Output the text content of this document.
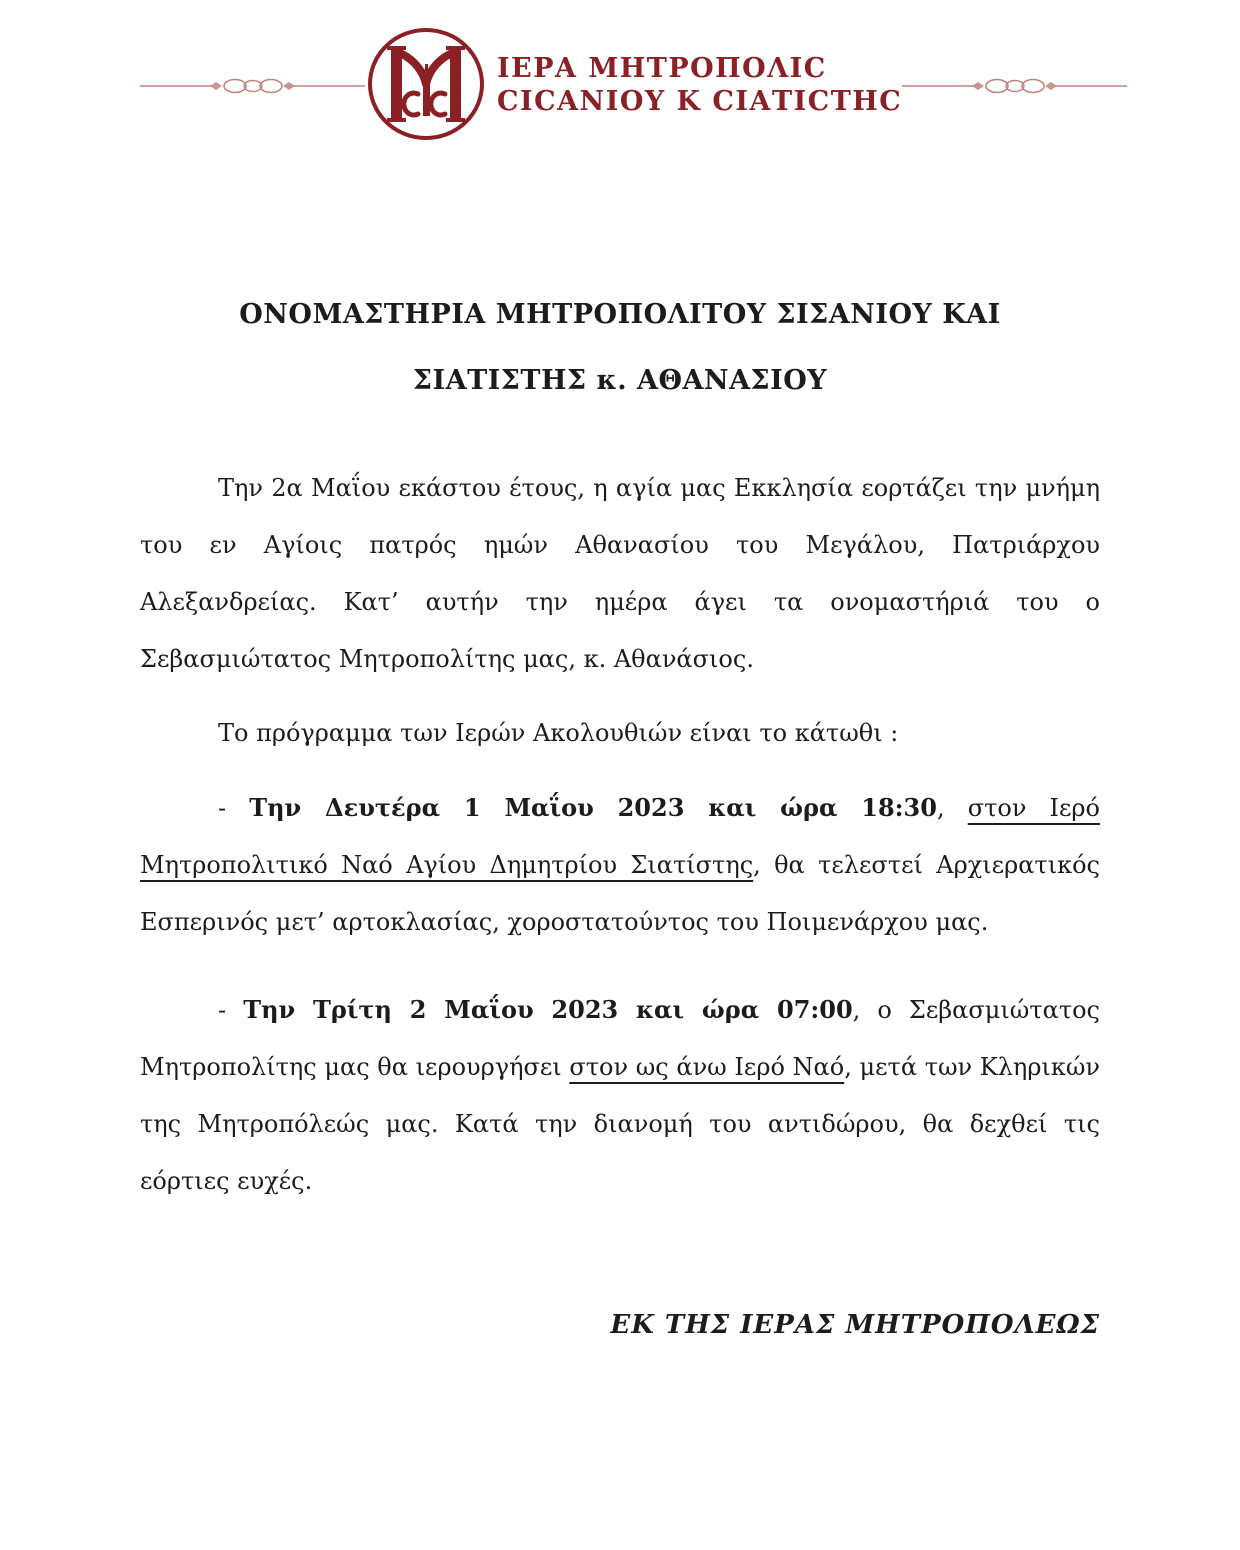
ΙΕΡΑ ΜΗΤΡΟΠΟΛΙC
CΙCΑΝΙΟΥ Κ CΙΑΤΙCΤΗC
ΟΝΟΜΑΣΤΗΡΙΑ ΜΗΤΡΟΠΟΛΙΤΟΥ ΣΙΣΑΝΙΟΥ ΚΑΙ
ΣΙΑΤΙΣΤΗΣ κ. ΑΘΑΝΑΣΙΟΥ

Την 2α Μαΐου εκάστου έτους, η αγία μας Εκκλησία εορτάζει την μνήμη του εν Αγίοις πατρός ημών Αθανασίου του Μεγάλου, Πατριάρχου Αλεξανδρείας. Κατ’ αυτήν την ημέρα άγει τα ονομαστήριά του ο Σεβασμιώτατος Μητροπολίτης μας, κ. Αθανάσιος.

Το πρόγραμμα των Ιερών Ακολουθιών είναι το κάτωθι :

- Την Δευτέρα 1 Μαΐου 2023 και ώρα 18:30, στον Ιερό Μητροπολιτικό Ναό Αγίου Δημητρίου Σιατίστης, θα τελεστεί Αρχιερατικός Εσπερινός μετ’ αρτοκλασίας, χοροστατούντος του Ποιμενάρχου μας.

- Την Τρίτη 2 Μαΐου 2023 και ώρα 07:00, ο Σεβασμιώτατος Μητροπολίτης μας θα ιερουργήσει στον ως άνω Ιερό Ναό, μετά των Κληρικών της Μητροπόλεώς μας. Κατά την διανομή του αντιδώρου, θα δεχθεί τις εόρτιες ευχές.

ΕΚ ΤΗΣ ΙΕΡΑΣ ΜΗΤΡΟΠΟΛΕΩΣ
